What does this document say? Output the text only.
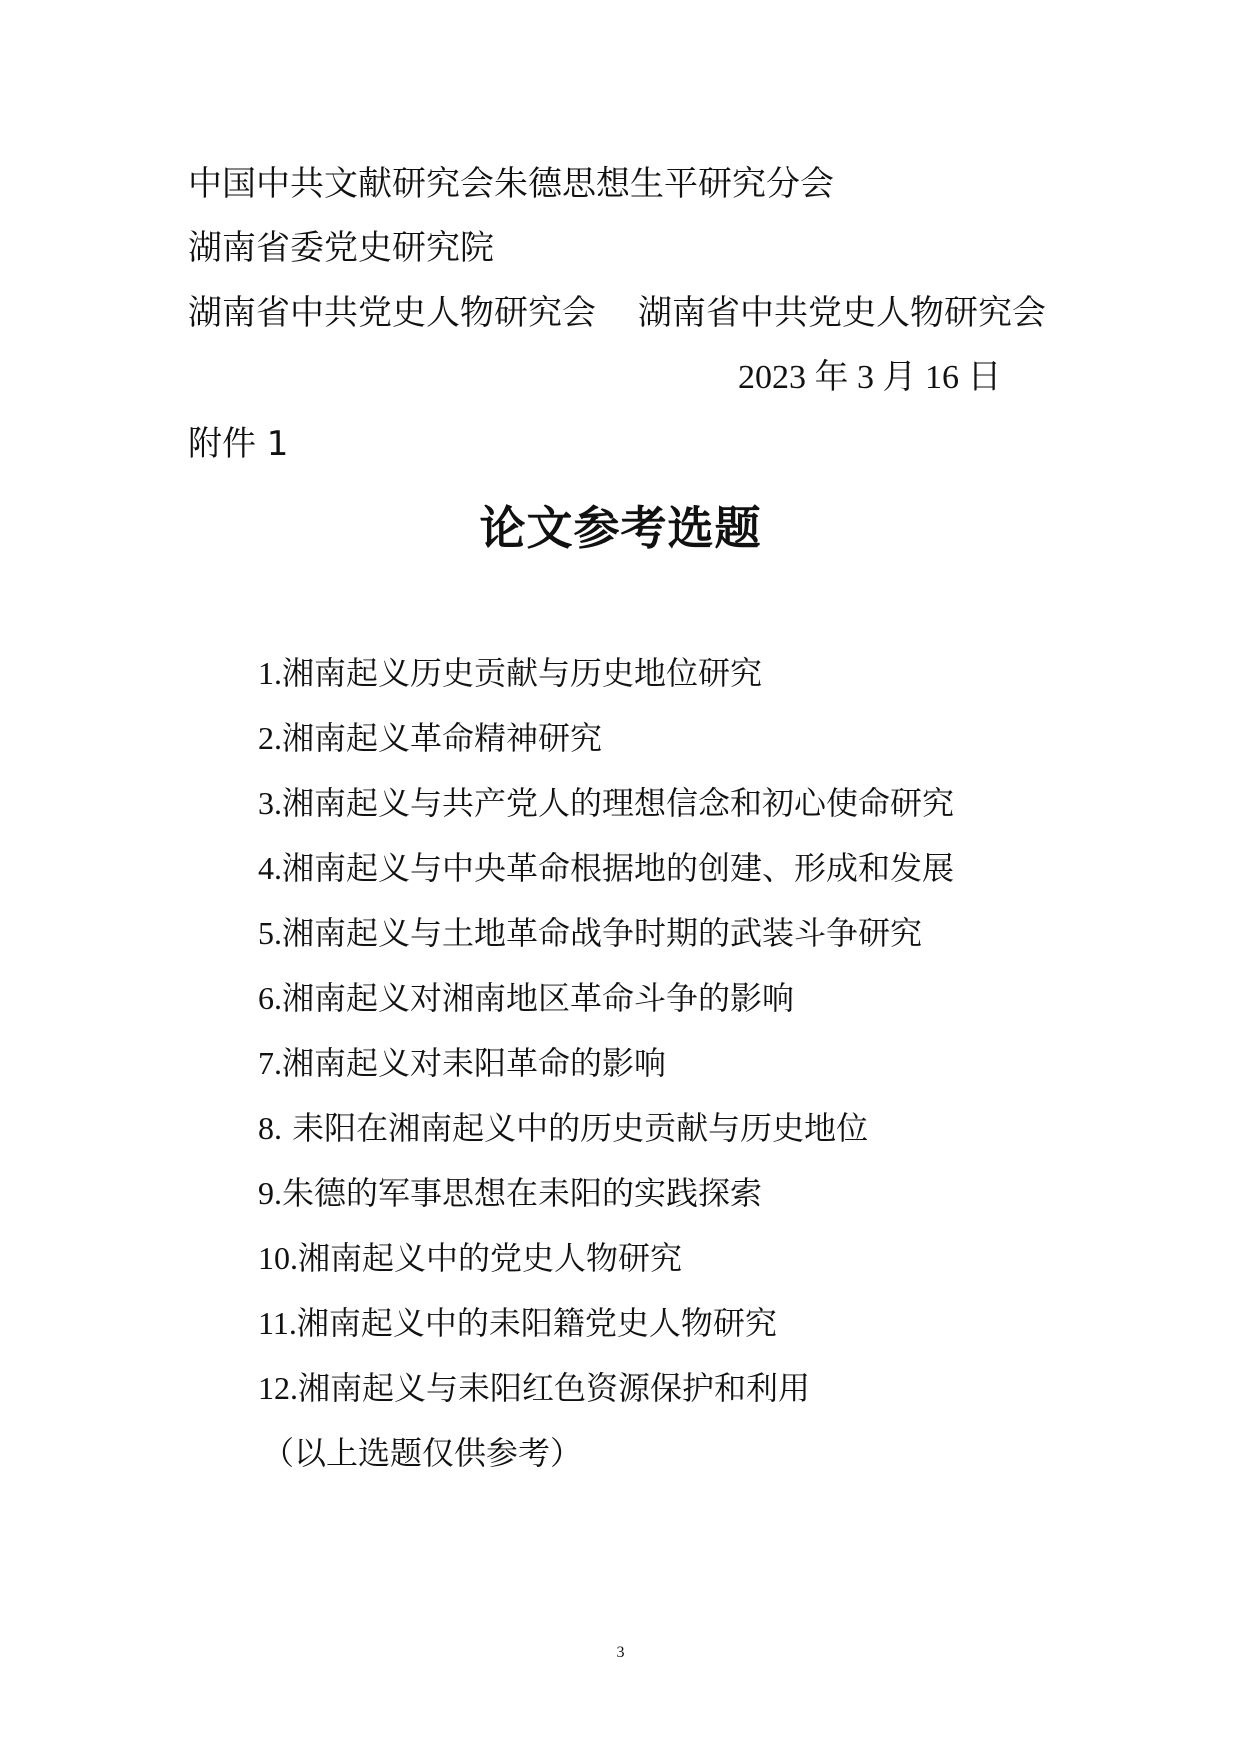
中国中共文献研究会朱德思想生平研究分会
湖南省委党史研究院
湖南省中共党史人物研究会 湖南省中共党史人物研究会
2023 年 3 月 16 日
附件 1
论文参考选题
1.湘南起义历史贡献与历史地位研究
2.湘南起义革命精神研究
3.湘南起义与共产党人的理想信念和初心使命研究
4.湘南起义与中央革命根据地的创建、形成和发展
5.湘南起义与土地革命战争时期的武装斗争研究
6.湘南起义对湘南地区革命斗争的影响
7.湘南起义对耒阳革命的影响
8. 耒阳在湘南起义中的历史贡献与历史地位
9.朱德的军事思想在耒阳的实践探索
10.湘南起义中的党史人物研究
11.湘南起义中的耒阳籍党史人物研究
12.湘南起义与耒阳红色资源保护和利用
（以上选题仅供参考）
3
